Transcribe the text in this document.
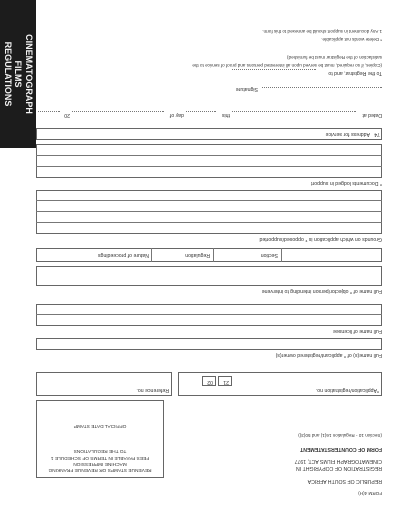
FORM 4(H)
REPUBLIC OF SOUTH AFRICA
REGISTRATION OF COPYRIGHT IN
CINEMATOGRAPH FILMS ACT, 1977
FORM OF COUNTERSTATEMENT
(Section 10 - Regulation 16(1) and 50(3))
REVENUE STAMPS OR REVENUE FRANKING
MACHINE IMPRESSION
FEES PAYABLE IN TERMS OF SCHEDULE 1
TO THE REGULATIONS
OFFICIAL DATE STAMP
*Application/registration no.
21
02
Reference no.
Full name(s) of * applicant/registered owner(s)
Full name of licensee
Full name of * objector/person intending to intervene
Nature of proceedings	Section
Regulation
Grounds on which application is * opposed/supported
* Documents lodged in support
74
Address for service
Dated at
this
day of
20
Signature
To the Registrar, and to
(Copies, if so required, must be served upon all interested persons and proof of service to the
satisfaction of the Registrar must be furnished)
* Delete words not applicable.
1 Any document in support should be annexed to this form.
CINEMATOGRAPH
FILMS
REGULATIONS
